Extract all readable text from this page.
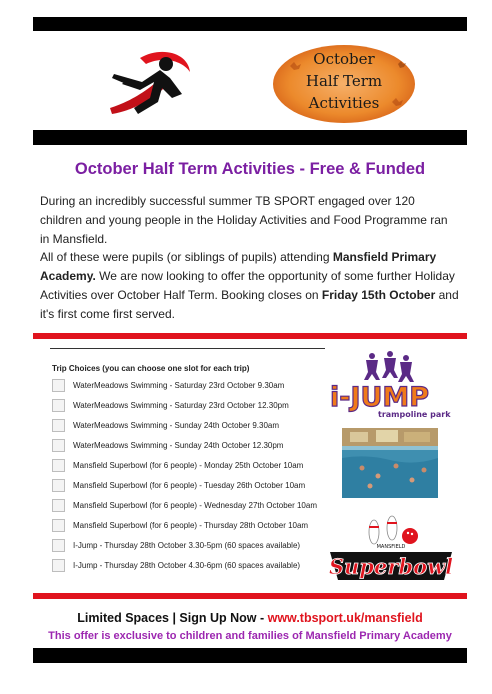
October
Half Term
Activities
October Half Term Activities - Free & Funded
During an incredibly successful summer TB SPORT engaged over 120 children and young people in the Holiday Activities and Food Programme ran in Mansfield.
All of these were pupils (or siblings of pupils) attending Mansfield Primary Academy. We are now looking to offer the opportunity of some further Holiday Activities over October Half Term. Booking closes on Friday 15th October and it's first come first served.
Trip Choices (you can choose one slot for each trip)
WaterMeadows Swimming - Saturday 23rd October 9.30am
WaterMeadows Swimming - Saturday 23rd October 12.30pm
WaterMeadows Swimming - Sunday 24th October 9.30am
WaterMeadows Swimming - Sunday 24th October 12.30pm
Mansfield Superbowl (for 6 people) - Monday 25th October 10am
Mansfield Superbowl (for 6 people) - Tuesday 26th October 10am
Mansfield Superbowl (for 6 people) - Wednesday 27th October 10am
Mansfield Superbowl (for 6 people) - Thursday 28th October 10am
I-Jump - Thursday 28th October 3.30-5pm (60 spaces available)
I-Jump - Thursday 28th October 4.30-6pm (60 spaces available)
i-JUMP
trampoline park
MANSFIELD
Superbowl
Limited Spaces | Sign Up Now - www.tbsport.uk/mansfield
This offer is exclusive to children and families of Mansfield Primary Academy
